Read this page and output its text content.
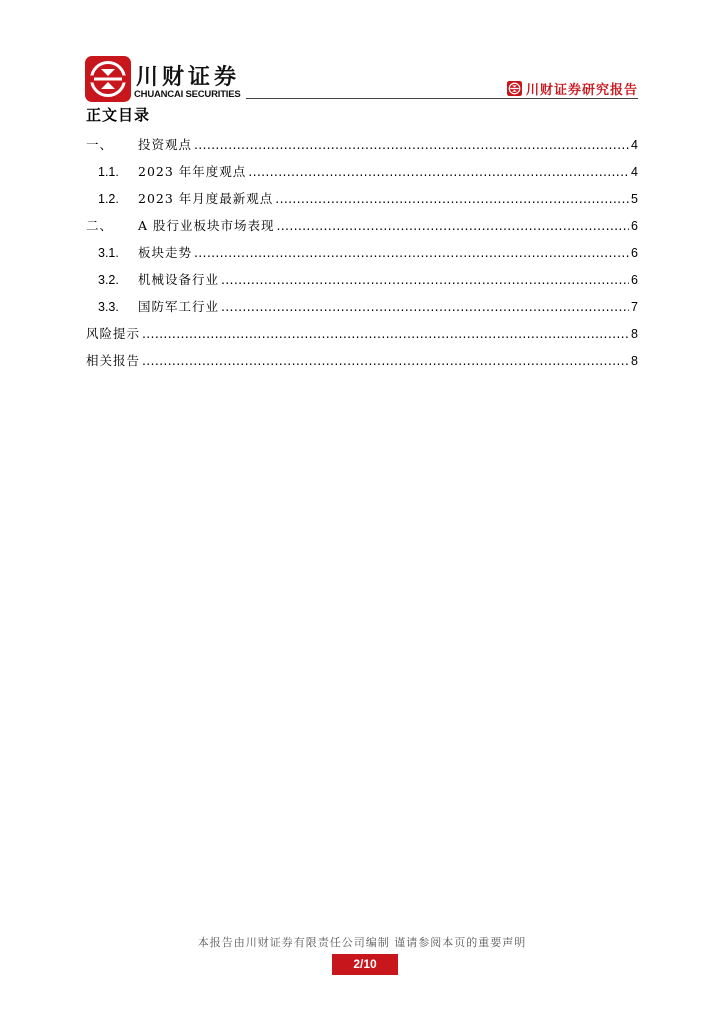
川财证券
CHUANCAI SECURITIES	川财证券研究报告
正文目录
一、	投资观点 .....	4
1.1.	2023 年年度观点 .....	4
1.2.	2023 年月度最新观点 .....	5
二、	A 股行业板块市场表现 .....	6
3.1.	板块走势 .....	6
3.2.	机械设备行业 .....	6
3.3.	国防军工行业 .....	7
风险提示 .....	8
相关报告 .....	8
本报告由川财证券有限责任公司编制 谨请参阅本页的重要声明
2/10
